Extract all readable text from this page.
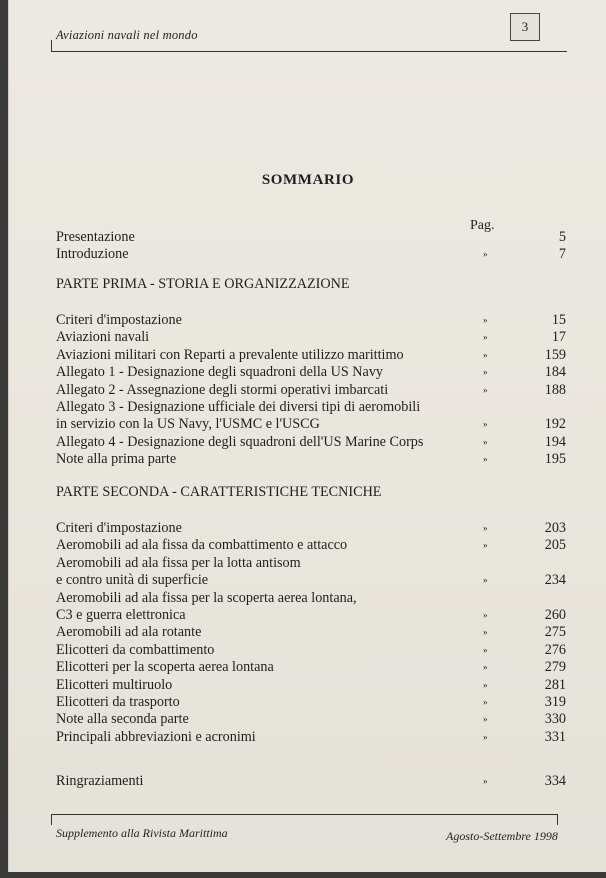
Aviazioni navali nel mondo
3
SOMMARIO
Pag.
Presentazione	5
Introduzione	»	7
PARTE PRIMA - STORIA E ORGANIZZAZIONE
Criteri d'impostazione	»	15
Aviazioni navali	»	17
Aviazioni militari con Reparti a prevalente utilizzo marittimo	»	159
Allegato 1 - Designazione degli squadroni della US Navy	»	184
Allegato 2 - Assegnazione degli stormi operativi imbarcati	»	188
Allegato 3 - Designazione ufficiale dei diversi tipi di aeromobili
in servizio con la US Navy, l'USMC e l'USCG	»	192
Allegato 4 - Designazione degli squadroni dell'US Marine Corps	»	194
Note alla prima parte	»	195
PARTE SECONDA - CARATTERISTICHE TECNICHE
Criteri d'impostazione	»	203
Aeromobili ad ala fissa da combattimento e attacco	»	205
Aeromobili ad ala fissa per la lotta antisom
e contro unità di superficie	»	234
Aeromobili ad ala fissa per la scoperta aerea lontana,
C3 e guerra elettronica	»	260
Aeromobili ad ala rotante	»	275
Elicotteri da combattimento	»	276
Elicotteri per la scoperta aerea lontana	»	279
Elicotteri multiruolo	»	281
Elicotteri da trasporto	»	319
Note alla seconda parte	»	330
Principali abbreviazioni e acronimi	»	331
Ringraziamenti	»	334
Supplemento alla Rivista Marittima	Agosto-Settembre 1998
